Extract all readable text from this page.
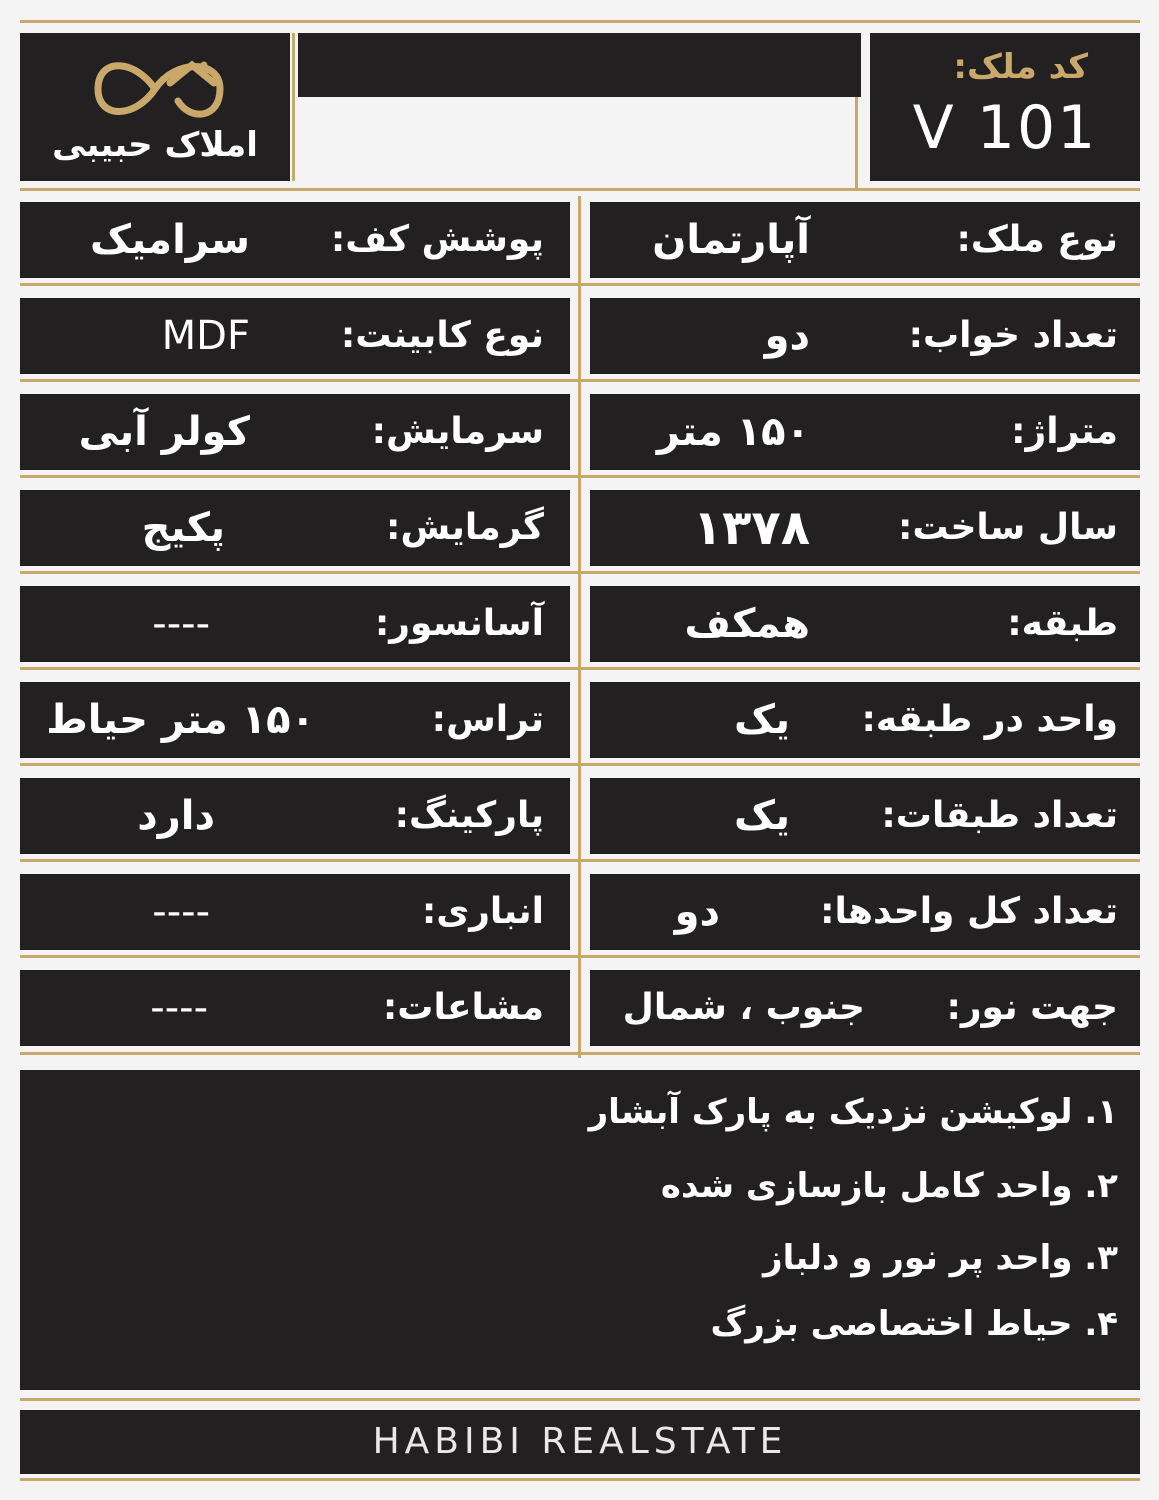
املاک حبیبی
کد ملک:
V 101
نوع ملک:
آپارتمان
پوشش کف:
سرامیک
تعداد خواب:
دو
نوع کابینت:
MDF
متراژ:
۱۵۰ متر
سرمایش:
کولر آبی
سال ساخت:
۱۳۷۸
گرمایش:
پکیج
طبقه:
همکف
آسانسور:
----
واحد در طبقه:
یک
تراس:
۱۵۰ متر حیاط
تعداد طبقات:
یک
پارکینگ:
دارد
تعداد کل واحدها:
دو
انباری:
----
جهت نور:
جنوب ، شمال
مشاعات:
----
۱. لوکیشن نزدیک به پارک آبشار
۲. واحد کامل بازسازی شده
۳. واحد پر نور و دلباز
۴. حیاط اختصاصی بزرگ
HABIBI REALSTATE
